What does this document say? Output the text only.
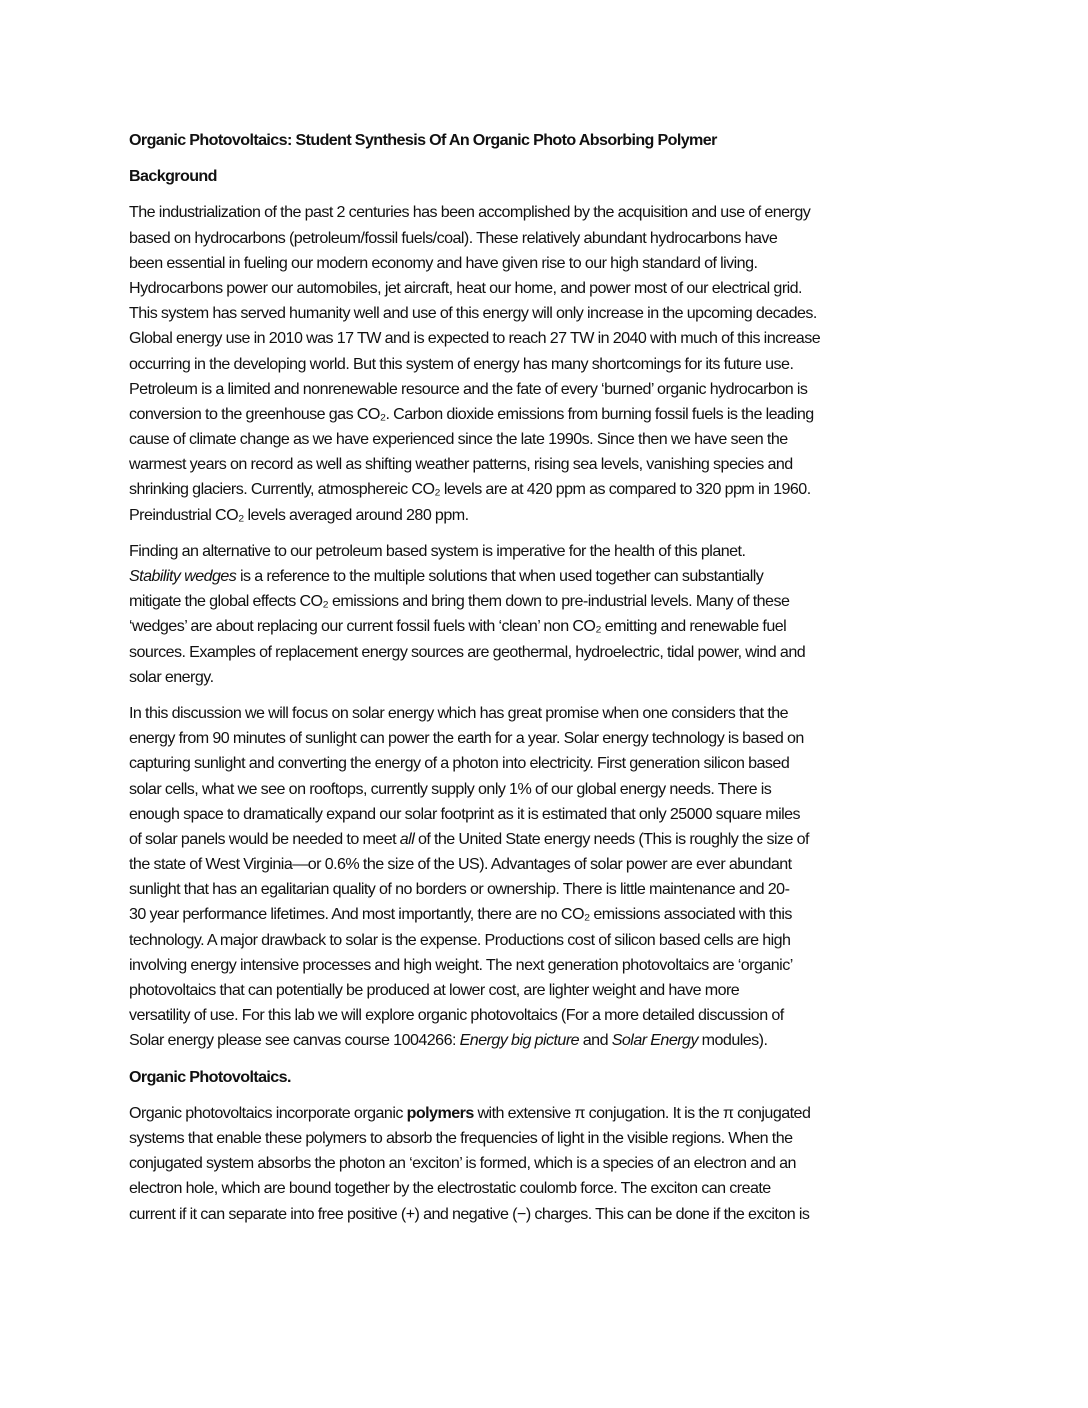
Organic Photovoltaics: Student Synthesis Of An Organic Photo Absorbing Polymer
Background
The industrialization of the past 2 centuries has been accomplished by the acquisition and use of energy
based on hydrocarbons (petroleum/fossil fuels/coal). These relatively abundant hydrocarbons have
been essential in fueling our modern economy and have given rise to our high standard of living.
Hydrocarbons power our automobiles, jet aircraft, heat our home, and power most of our electrical grid.
This system has served humanity well and use of this energy will only increase in the upcoming decades.
Global energy use in 2010 was 17 TW and is expected to reach 27 TW in 2040 with much of this increase
occurring in the developing world. But this system of energy has many shortcomings for its future use.
Petroleum is a limited and nonrenewable resource and the fate of every ‘burned’ organic hydrocarbon is
conversion to the greenhouse gas CO₂. Carbon dioxide emissions from burning fossil fuels is the leading
cause of climate change as we have experienced since the late 1990s. Since then we have seen the
warmest years on record as well as shifting weather patterns, rising sea levels, vanishing species and
shrinking glaciers. Currently, atmosphereic CO₂ levels are at 420 ppm as compared to 320 ppm in 1960.
Preindustrial CO₂ levels averaged around 280 ppm.
Finding an alternative to our petroleum based system is imperative for the health of this planet.
Stability wedges is a reference to the multiple solutions that when used together can substantially
mitigate the global effects CO₂ emissions and bring them down to pre-industrial levels. Many of these
‘wedges’ are about replacing our current fossil fuels with ‘clean’ non CO₂ emitting and renewable fuel
sources. Examples of replacement energy sources are geothermal, hydroelectric, tidal power, wind and
solar energy.
In this discussion we will focus on solar energy which has great promise when one considers that the
energy from 90 minutes of sunlight can power the earth for a year. Solar energy technology is based on
capturing sunlight and converting the energy of a photon into electricity. First generation silicon based
solar cells, what we see on rooftops, currently supply only 1% of our global energy needs. There is
enough space to dramatically expand our solar footprint as it is estimated that only 25000 square miles
of solar panels would be needed to meet all of the United State energy needs (This is roughly the size of
the state of West Virginia—or 0.6% the size of the US). Advantages of solar power are ever abundant
sunlight that has an egalitarian quality of no borders or ownership. There is little maintenance and 20-
30 year performance lifetimes. And most importantly, there are no CO₂ emissions associated with this
technology. A major drawback to solar is the expense. Productions cost of silicon based cells are high
involving energy intensive processes and high weight. The next generation photovoltaics are ‘organic’
photovoltaics that can potentially be produced at lower cost, are lighter weight and have more
versatility of use. For this lab we will explore organic photovoltaics (For a more detailed discussion of
Solar energy please see canvas course 1004266: Energy big picture and Solar Energy modules).
Organic Photovoltaics.
Organic photovoltaics incorporate organic polymers with extensive π conjugation. It is the π conjugated
systems that enable these polymers to absorb the frequencies of light in the visible regions. When the
conjugated system absorbs the photon an ‘exciton’ is formed, which is a species of an electron and an
electron hole, which are bound together by the electrostatic coulomb force. The exciton can create
current if it can separate into free positive (+) and negative (−) charges. This can be done if the exciton is
